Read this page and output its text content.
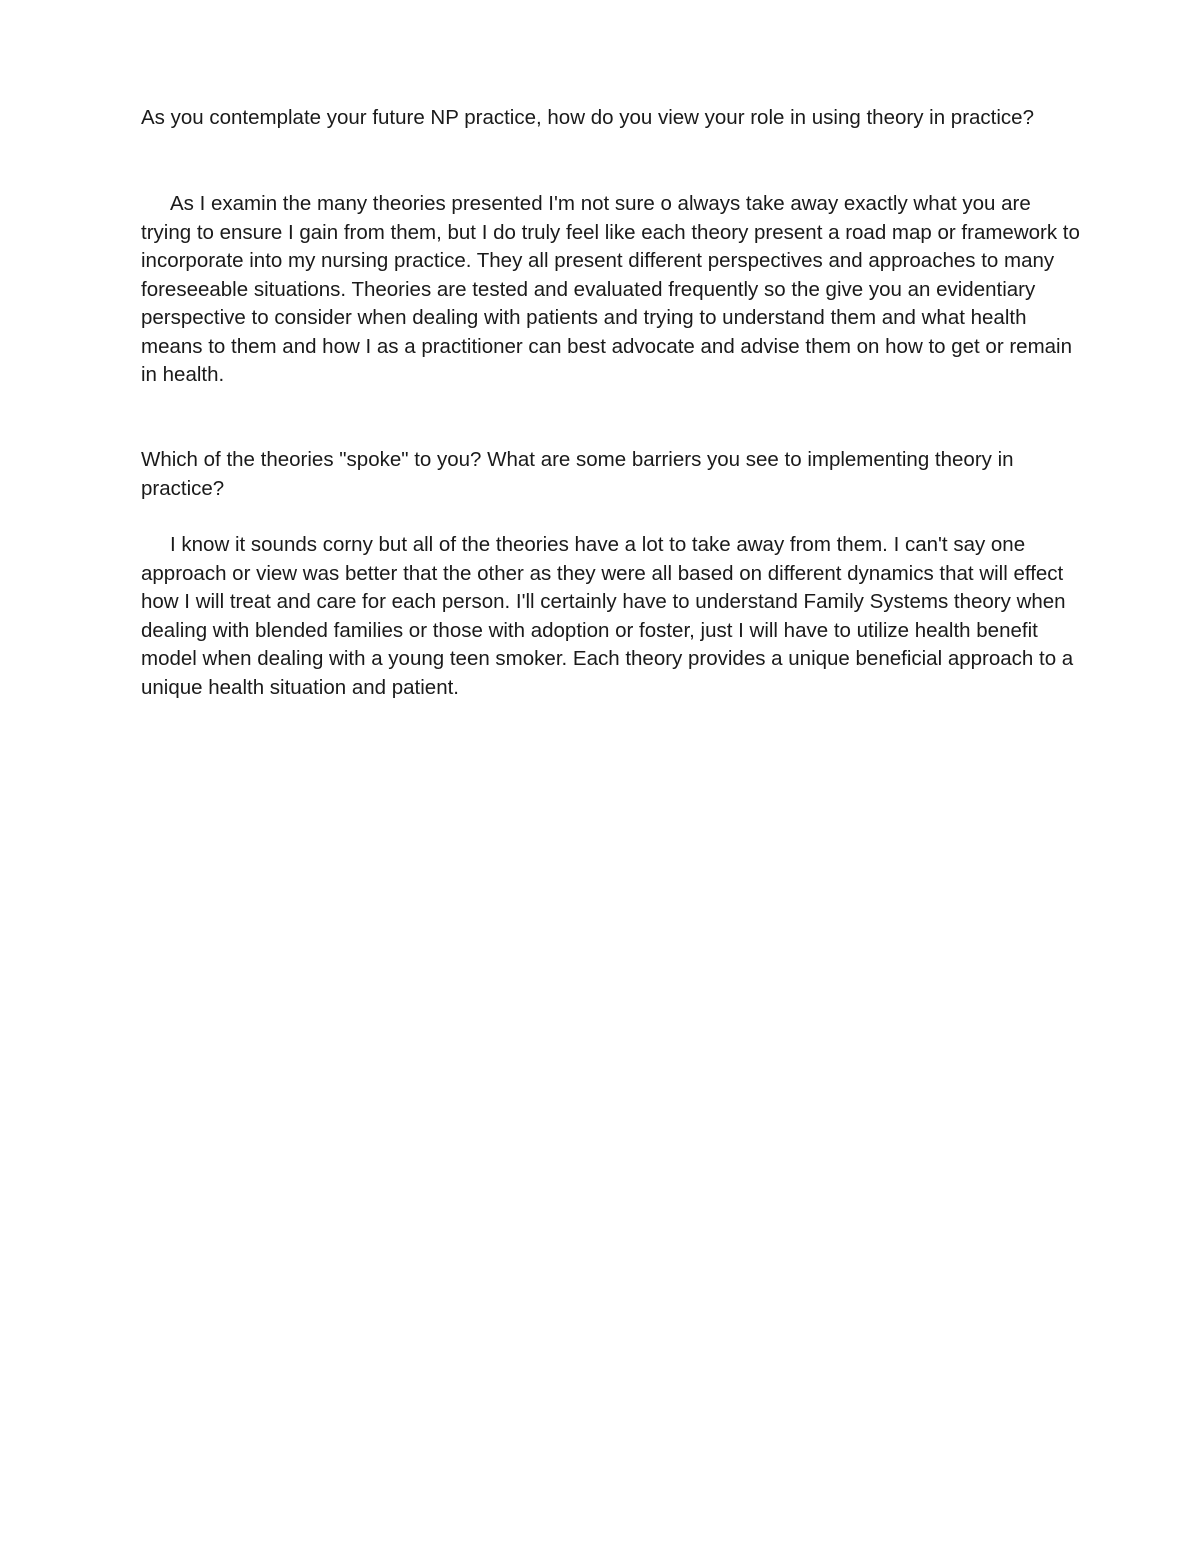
As you contemplate your future NP practice, how do you view your role in using theory in practice?

As I examin the many theories presented I'm not sure o always take away exactly what you are trying to ensure I gain from them, but I do truly feel like each theory present a road map or framework to incorporate into my nursing practice. They all present different perspectives and approaches to many foreseeable situations. Theories are tested and evaluated frequently so the give you an evidentiary perspective to consider when dealing with patients and trying to understand them and what health means to them and how I as a practitioner can best advocate and advise them on how to get or remain in health.

Which of the theories "spoke" to you? What are some barriers you see to implementing theory in practice?

I know it sounds corny but all of the theories have a lot to take away from them. I can't say one approach or view was better that the other as they were all based on different dynamics that will effect how I will treat and care for each person. I'll certainly have to understand Family Systems theory when dealing with blended families or those with adoption or foster, just I will have to utilize health benefit model when dealing with a young teen smoker. Each theory provides a unique beneficial approach to a unique health situation and patient.
